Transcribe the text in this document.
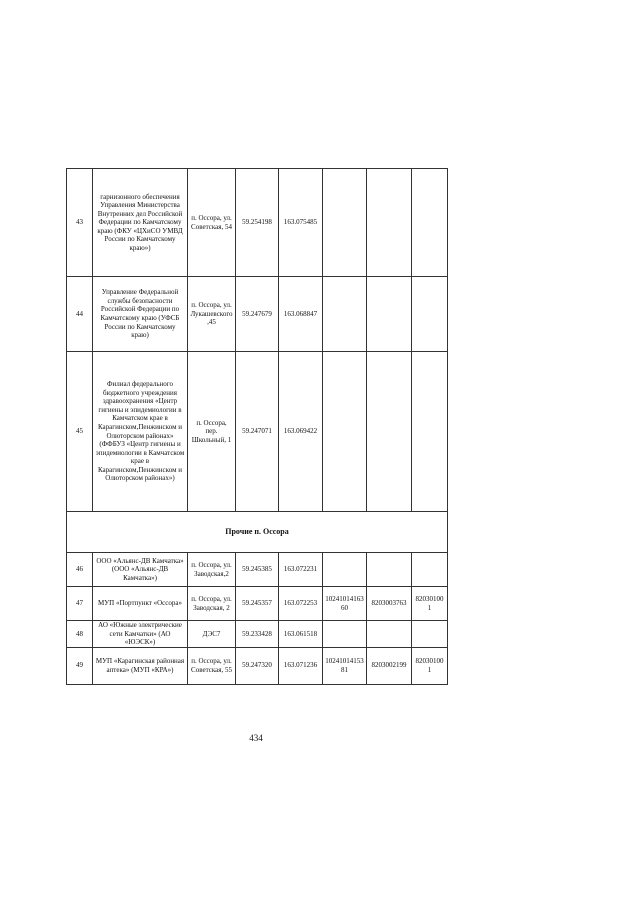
43	гарнизонного обеспечения Управления Министерства Внутренних дел Российской Федерации по Камчатскому краю (ФКУ «ЦХиСО УМВД России по Камчатскому краю»)	п. Оссора, ул. Советская, 54	59.254198	163.075485			
44	Управление Федеральной службы безопасности Российской Федерации по Камчатскому краю (УФСБ России по Камчатскому краю)	п. Оссора, ул. Лукашевского,45	59.247679	163.068847			
45	Филиал федерального бюджетного учреждения здравоохранения «Центр гигиены и эпидемиологии в Камчатском крае в Карагинском,Пенжинском и Олюторском районах» (ФФБУЗ «Центр гигиены и эпидемиологии в Камчатском крае в Карагинском,Пенжинском и Олюторском районах»)	п. Оссора, пер. Школьный, 1	59.247071	163.069422			
Прочие п. Оссора							
46	ООО «Альянс-ДВ Камчатка» (ООО «Альянс-ДВ Камчатка»)	п. Оссора, ул. Заводская,2	59.245385	163.072231			
47	МУП «Портпункт «Оссора»	п. Оссора, ул. Заводская, 2	59.245357	163.072253	1024101416360	8203003763	820301001
48	АО «Южные электрические сети Камчатки» (АО «ЮЭСК»)	ДЭС7	59.233428	163.061518			
49	МУП «Карагинская районная аптека» (МУП «КРА»)	п. Оссора, ул. Советская, 55	59.247320	163.071236	1024101415381	8203002199	820301001
434
